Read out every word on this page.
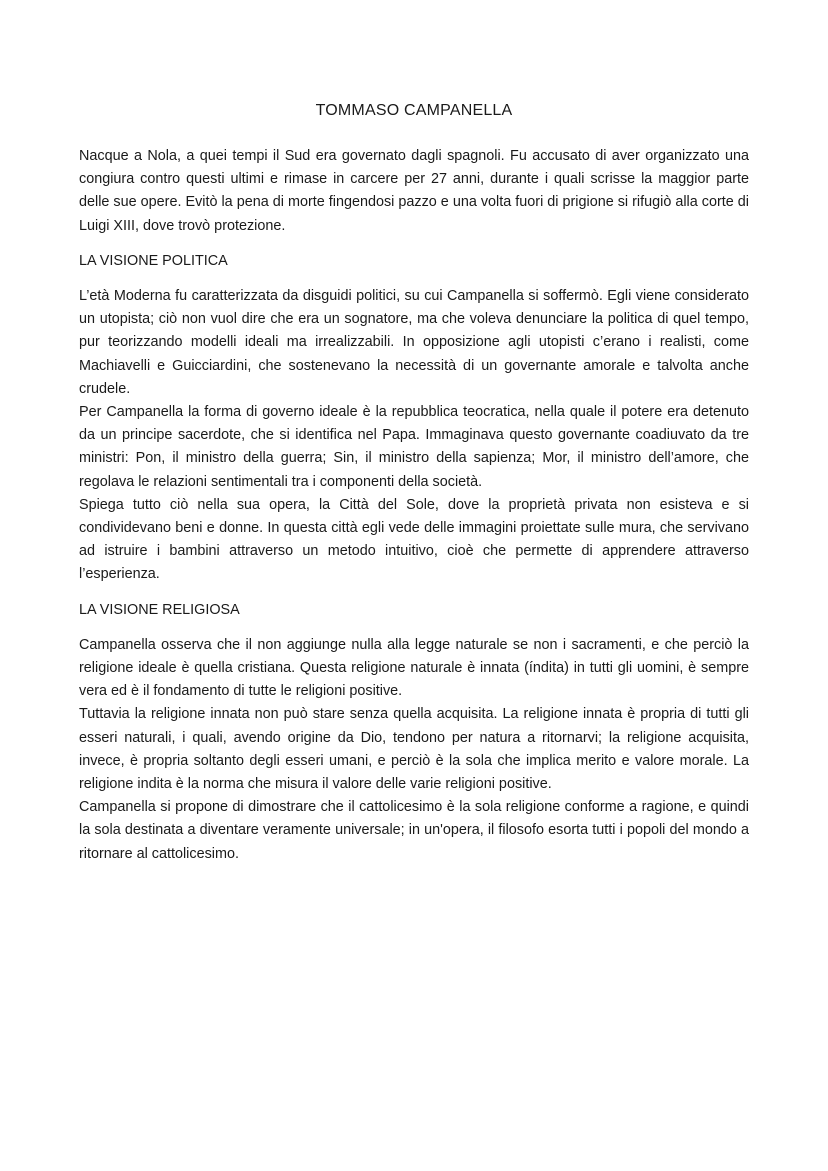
TOMMASO CAMPANELLA

Nacque a Nola, a quei tempi il Sud era governato dagli spagnoli. Fu accusato di aver organizzato una congiura contro questi ultimi e rimase in carcere per 27 anni, durante i quali scrisse la maggior parte delle sue opere. Evitò la pena di morte fingendosi pazzo e una volta fuori di prigione si rifugiò alla corte di Luigi XIII, dove trovò protezione.

LA VISIONE POLITICA

L’età Moderna fu caratterizzata da disguidi politici, su cui Campanella si soffermò. Egli viene considerato un utopista; ciò non vuol dire che era un sognatore, ma che voleva denunciare la politica di quel tempo, pur teorizzando modelli ideali ma irrealizzabili. In opposizione agli utopisti c’erano i realisti, come Machiavelli e Guicciardini, che sostenevano la necessità di un governante amorale e talvolta anche crudele.

Per Campanella la forma di governo ideale è la repubblica teocratica, nella quale il potere era detenuto da un principe sacerdote, che si identifica nel Papa. Immaginava questo governante coadiuvato da tre ministri: Pon, il ministro della guerra; Sin, il ministro della sapienza; Mor, il ministro dell’amore, che regolava le relazioni sentimentali tra i componenti della società.

Spiega tutto ciò nella sua opera, la Città del Sole, dove la proprietà privata non esisteva e si condividevano beni e donne. In questa città egli vede delle immagini proiettate sulle mura, che servivano ad istruire i bambini attraverso un metodo intuitivo, cioè che permette di apprendere attraverso l’esperienza.

LA VISIONE RELIGIOSA

Campanella osserva che il non aggiunge nulla alla legge naturale se non i sacramenti, e che perciò la religione ideale è quella cristiana. Questa religione naturale è innata (índita) in tutti gli uomini, è sempre vera ed è il fondamento di tutte le religioni positive.

Tuttavia la religione innata non può stare senza quella acquisita. La religione innata è propria di tutti gli esseri naturali, i quali, avendo origine da Dio, tendono per natura a ritornarvi; la religione acquisita, invece, è propria soltanto degli esseri umani, e perciò è la sola che implica merito e valore morale. La religione indita è la norma che misura il valore delle varie religioni positive.

Campanella si propone di dimostrare che il cattolicesimo è la sola religione conforme a ragione, e quindi la sola destinata a diventare veramente universale; in un'opera, il filosofo esorta tutti i popoli del mondo a ritornare al cattolicesimo.
